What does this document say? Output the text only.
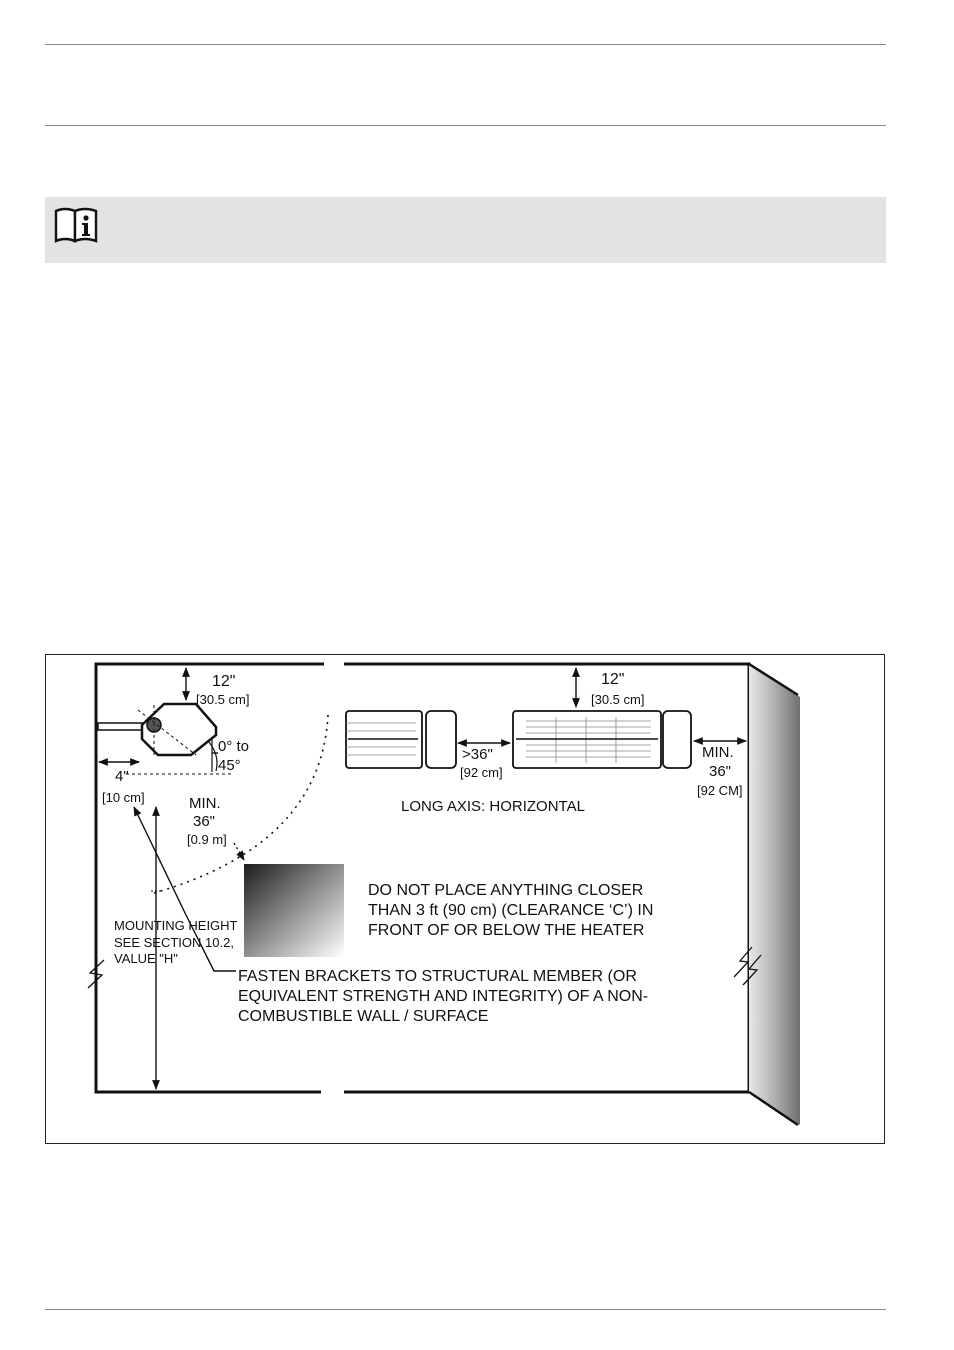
12"
[30.5 cm]
12"
[30.5 cm]
0° to
45°
4"
[10 cm]	MIN.
36"
[0.9 m]
>36"
[92 cm]
MIN.
36"
[92 CM]
LONG AXIS: HORIZONTAL
MOUNTING HEIGHT
SEE SECTION 10.2,
VALUE "H"
DO NOT PLACE ANYTHING CLOSER
THAN 3 ft (90 cm) (CLEARANCE ‘C’) IN
FRONT OF OR BELOW THE HEATER
FASTEN BRACKETS TO STRUCTURAL MEMBER (OR
EQUIVALENT STRENGTH AND INTEGRITY) OF A NON-
COMBUSTIBLE WALL / SURFACE
